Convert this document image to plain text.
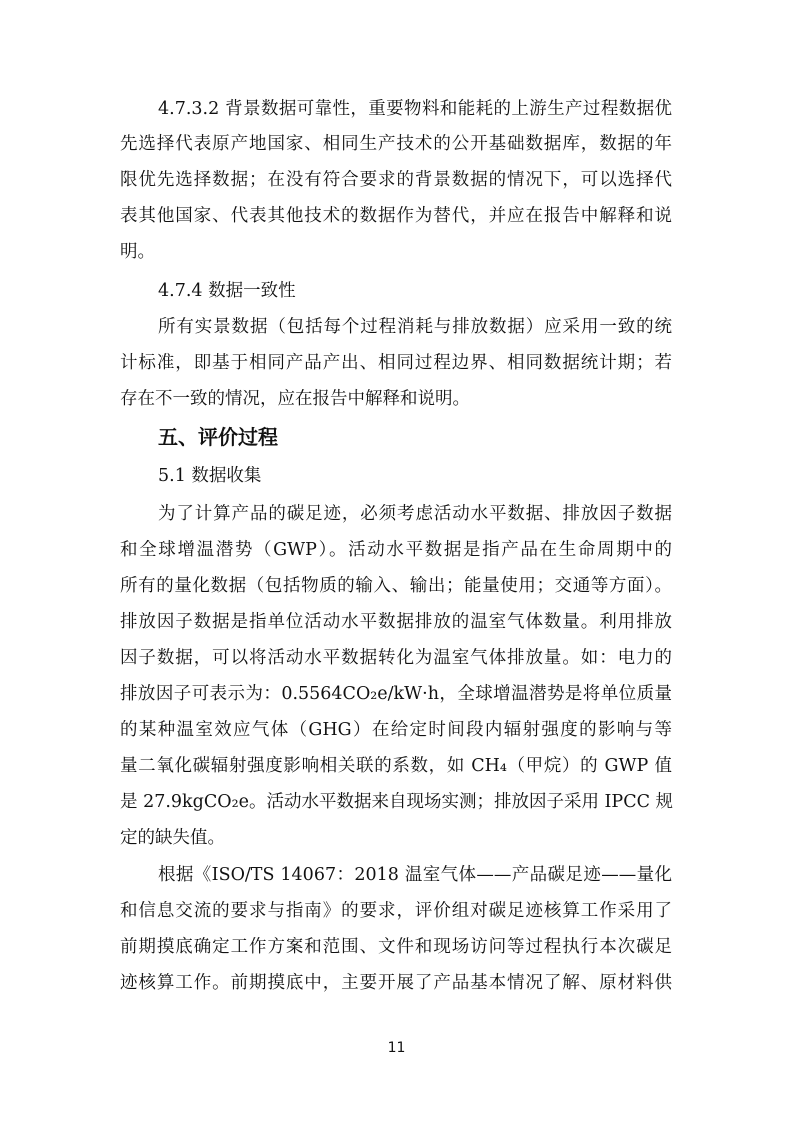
4.7.3.2 背景数据可靠性，重要物料和能耗的上游生产过程数据优
先选择代表原产地国家、相同生产技术的公开基础数据库，数据的年
限优先选择数据；在没有符合要求的背景数据的情况下，可以选择代
表其他国家、代表其他技术的数据作为替代，并应在报告中解释和说
明。
4.7.4 数据一致性
所有实景数据（包括每个过程消耗与排放数据）应采用一致的统
计标准，即基于相同产品产出、相同过程边界、相同数据统计期；若
存在不一致的情况，应在报告中解释和说明。
五、评价过程
5.1 数据收集
为了计算产品的碳足迹，必须考虑活动水平数据、排放因子数据
和全球增温潜势（GWP）。活动水平数据是指产品在生命周期中的
所有的量化数据（包括物质的输入、输出；能量使用；交通等方面）。
排放因子数据是指单位活动水平数据排放的温室气体数量。利用排放
因子数据，可以将活动水平数据转化为温室气体排放量。如：电力的
排放因子可表示为：0.5564CO₂e/kW·h，全球增温潜势是将单位质量
的某种温室效应气体（GHG）在给定时间段内辐射强度的影响与等
量二氧化碳辐射强度影响相关联的系数，如 CH₄（甲烷）的 GWP 值
是 27.9kgCO₂e。活动水平数据来自现场实测；排放因子采用 IPCC 规
定的缺失值。
根据《ISO/TS 14067：2018 温室气体——产品碳足迹——量化
和信息交流的要求与指南》的要求，评价组对碳足迹核算工作采用了
前期摸底确定工作方案和范围、文件和现场访问等过程执行本次碳足
迹核算工作。前期摸底中，主要开展了产品基本情况了解、原材料供
11
